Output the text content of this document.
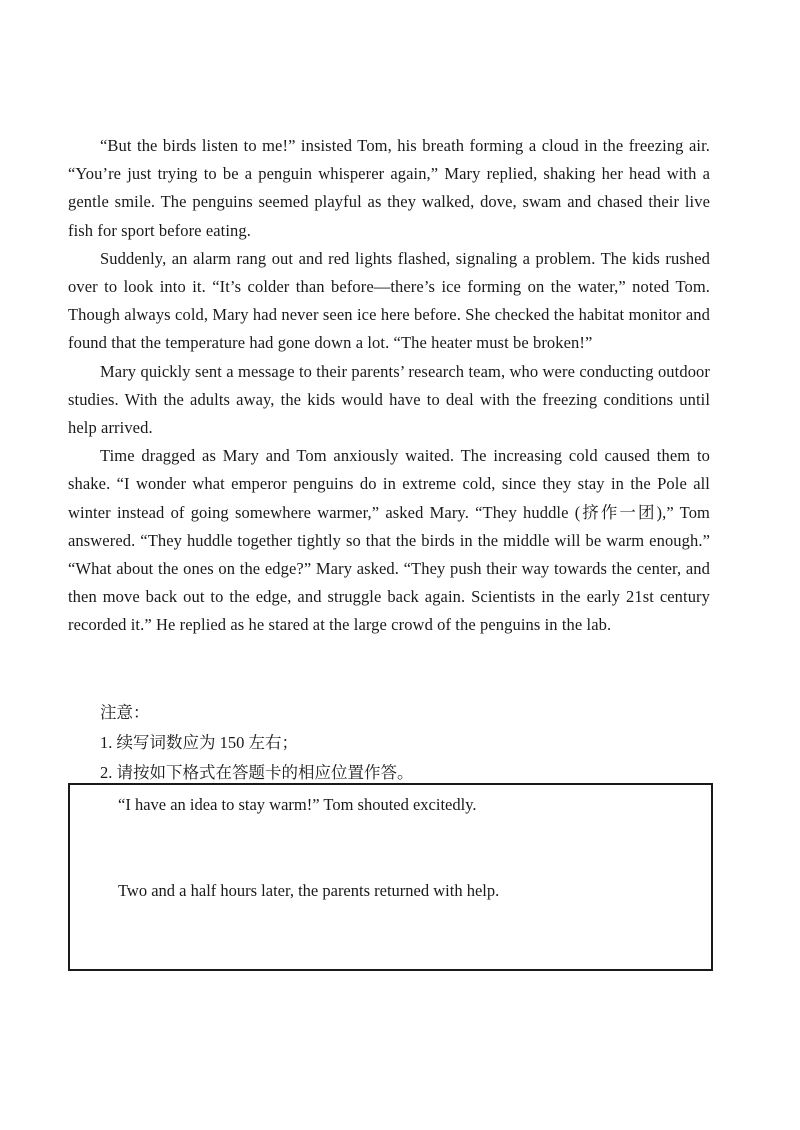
“But the birds listen to me!” insisted Tom, his breath forming a cloud in the freezing air. “You’re just trying to be a penguin whisperer again,” Mary replied, shaking her head with a gentle smile. The penguins seemed playful as they walked, dove, swam and chased their live fish for sport before eating.

Suddenly, an alarm rang out and red lights flashed, signaling a problem. The kids rushed over to look into it. “It’s colder than before—there’s ice forming on the water,” noted Tom. Though always cold, Mary had never seen ice here before. She checked the habitat monitor and found that the temperature had gone down a lot. “The heater must be broken!”

Mary quickly sent a message to their parents’ research team, who were conducting outdoor studies. With the adults away, the kids would have to deal with the freezing conditions until help arrived.

Time dragged as Mary and Tom anxiously waited. The increasing cold caused them to shake. “I wonder what emperor penguins do in extreme cold, since they stay in the Pole all winter instead of going somewhere warmer,” asked Mary. “They huddle (挤作一团),” Tom answered. “They huddle together tightly so that the birds in the middle will be warm enough.” “What about the ones on the edge?” Mary asked. “They push their way towards the center, and then move back out to the edge, and struggle back again. Scientists in the early 21st century recorded it.” He replied as he stared at the large crowd of the penguins in the lab.

注意：
1. 续写词数应为 150 左右；
2. 请按如下格式在答题卡的相应位置作答。
“I have an idea to stay warm!” Tom shouted excitedly.
Two and a half hours later, the parents returned with help.
